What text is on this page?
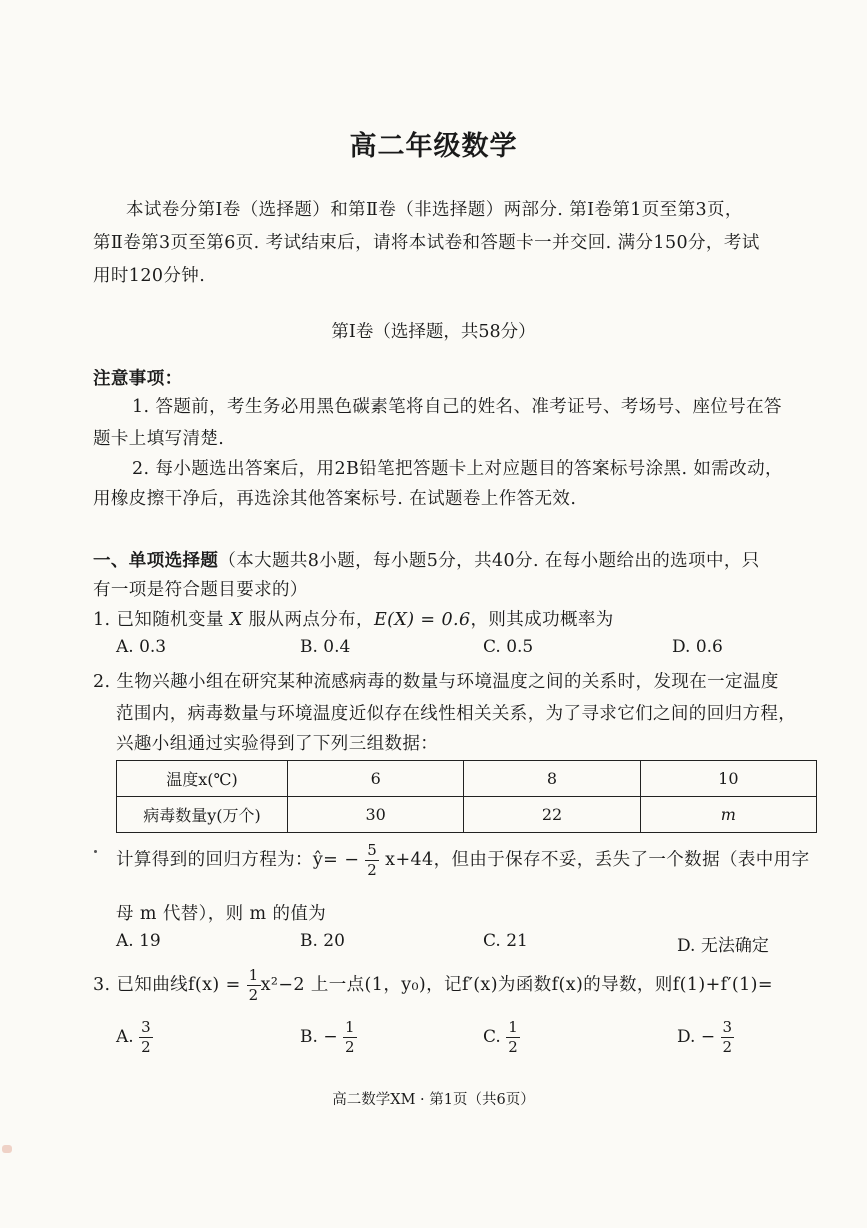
高二年级数学
本试卷分第Ⅰ卷（选择题）和第Ⅱ卷（非选择题）两部分. 第Ⅰ卷第1页至第3页，
第Ⅱ卷第3页至第6页. 考试结束后，请将本试卷和答题卡一并交回. 满分150分，考试
用时120分钟.
第Ⅰ卷（选择题，共58分）
注意事项：
1. 答题前，考生务必用黑色碳素笔将自己的姓名、准考证号、考场号、座位号在答
题卡上填写清楚.
2. 每小题选出答案后，用2B铅笔把答题卡上对应题目的答案标号涂黑. 如需改动，
用橡皮擦干净后，再选涂其他答案标号. 在试题卷上作答无效.
一、单项选择题（本大题共8小题，每小题5分，共40分. 在每小题给出的选项中，只
有一项是符合题目要求的）
1. 已知随机变量 X 服从两点分布，E(X) = 0.6，则其成功概率为
A. 0.3	B. 0.4	C. 0.5	D. 0.6
2. 生物兴趣小组在研究某种流感病毒的数量与环境温度之间的关系时，发现在一定温度
范围内，病毒数量与环境温度近似存在线性相关关系，为了寻求它们之间的回归方程，
兴趣小组通过实验得到了下列三组数据：
温度x(℃)	6	8	10
病毒数量y(万个)	30	22	m
计算得到的回归方程为：ŷ= − $\frac{5}{2} x+44$，但由于保存不妥，丢失了一个数据（表中用字
母 m 代替），则 m 的值为
A. 19	B. 20	C. 21	D. 无法确定
3. 已知曲线$f(x) = \frac{1}{2} x^2-2$ 上一点(1，y₀)，记f′(x)为函数f(x)的导数，则f(1)+f′(1)=
A. $\frac{3}{2}$	B. − $\frac{1}{2}$	C. $\frac{1}{2}$	D. − $\frac{3}{2}$
高二数学XM · 第1页（共6页）
